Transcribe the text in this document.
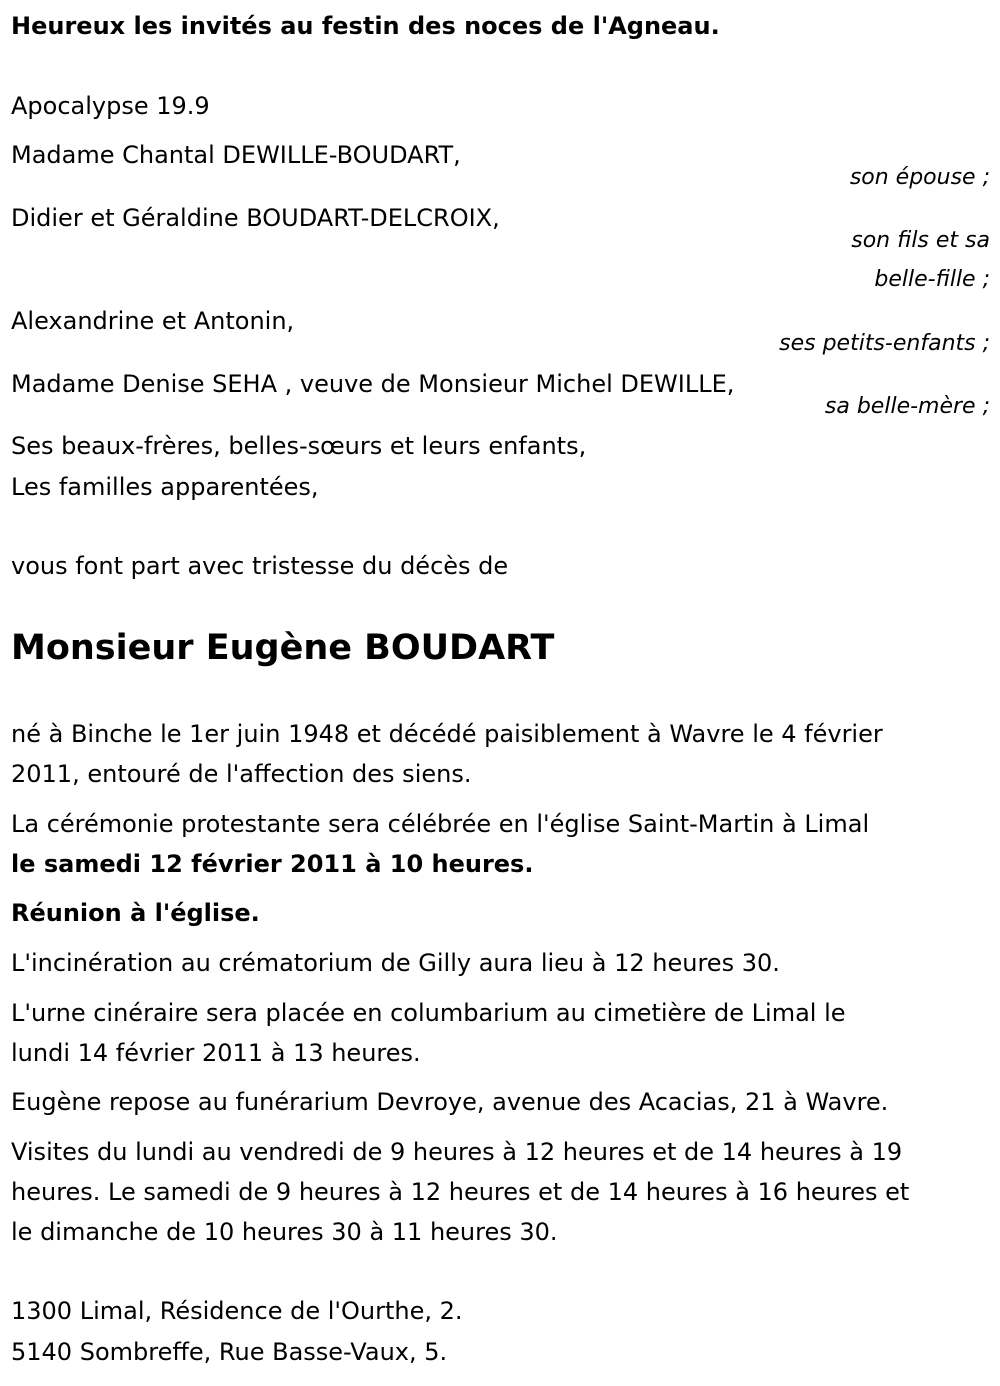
Heureux les invités au festin des noces de l'Agneau.
Apocalypse 19.9
Madame Chantal DEWILLE-BOUDART,
son épouse ;
Didier et Géraldine BOUDART-DELCROIX,
son fils et sa
belle-fille ;
Alexandrine et Antonin,
ses petits-enfants ;
Madame Denise SEHA , veuve de Monsieur Michel DEWILLE,
sa belle-mère ;
Ses beaux-frères, belles-sœurs et leurs enfants,
Les familles apparentées,
vous font part avec tristesse du décès de
Monsieur Eugène BOUDART
né à Binche le 1er juin 1948 et décédé paisiblement à Wavre le 4 février
2011, entouré de l'affection des siens.
La cérémonie protestante sera célébrée en l'église Saint-Martin à Limal
le samedi 12 février 2011 à 10 heures.
Réunion à l'église.
L'incinération au crématorium de Gilly aura lieu à 12 heures 30.
L'urne cinéraire sera placée en columbarium au cimetière de Limal le
lundi 14 février 2011 à 13 heures.
Eugène repose au funérarium Devroye, avenue des Acacias, 21 à Wavre.
Visites du lundi au vendredi de 9 heures à 12 heures et de 14 heures à 19
heures. Le samedi de 9 heures à 12 heures et de 14 heures à 16 heures et
le dimanche de 10 heures 30 à 11 heures 30.
1300 Limal, Résidence de l'Ourthe, 2.
5140 Sombreffe, Rue Basse-Vaux, 5.
